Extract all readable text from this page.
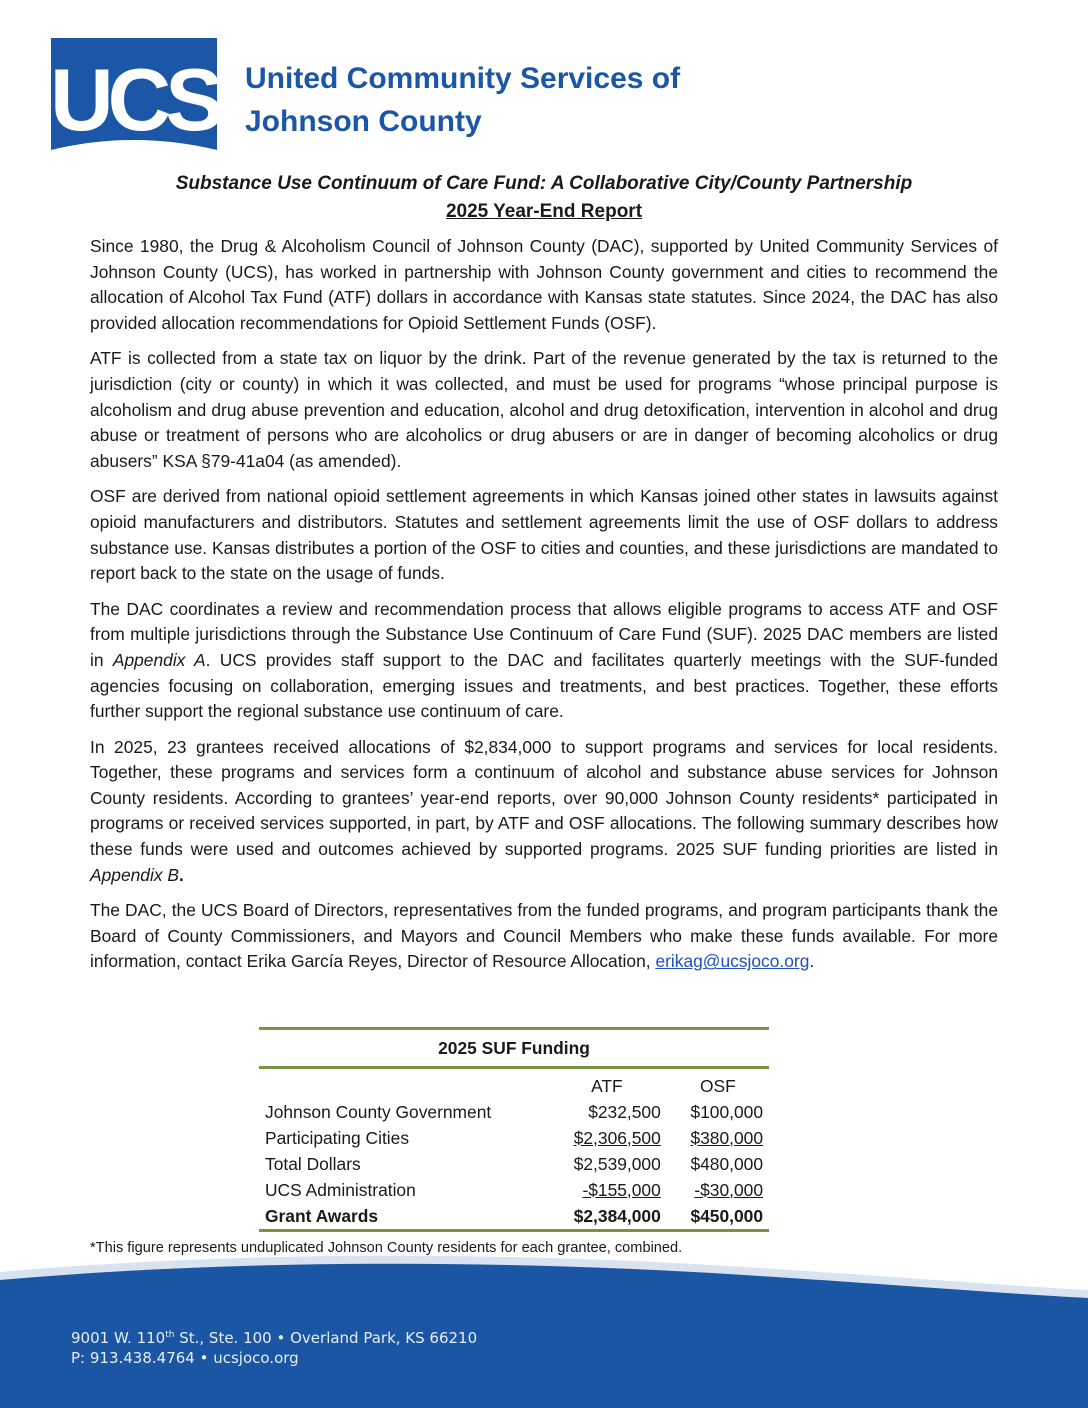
UCS United Community Services of
Johnson County
Substance Use Continuum of Care Fund: A Collaborative City/County Partnership
2025 Year-End Report

Since 1980, the Drug & Alcoholism Council of Johnson County (DAC), supported by United Community Services of Johnson County (UCS), has worked in partnership with Johnson County government and cities to recommend the allocation of Alcohol Tax Fund (ATF) dollars in accordance with Kansas state statutes. Since 2024, the DAC has also provided allocation recommendations for Opioid Settlement Funds (OSF).

ATF is collected from a state tax on liquor by the drink. Part of the revenue generated by the tax is returned to the jurisdiction (city or county) in which it was collected, and must be used for programs “whose principal purpose is alcoholism and drug abuse prevention and education, alcohol and drug detoxification, intervention in alcohol and drug abuse or treatment of persons who are alcoholics or drug abusers or are in danger of becoming alcoholics or drug abusers” KSA §79-41a04 (as amended).

OSF are derived from national opioid settlement agreements in which Kansas joined other states in lawsuits against opioid manufacturers and distributors. Statutes and settlement agreements limit the use of OSF dollars to address substance use. Kansas distributes a portion of the OSF to cities and counties, and these jurisdictions are mandated to report back to the state on the usage of funds.

The DAC coordinates a review and recommendation process that allows eligible programs to access ATF and OSF from multiple jurisdictions through the Substance Use Continuum of Care Fund (SUF). 2025 DAC members are listed in Appendix A. UCS provides staff support to the DAC and facilitates quarterly meetings with the SUF-funded agencies focusing on collaboration, emerging issues and treatments, and best practices. Together, these efforts further support the regional substance use continuum of care.

In 2025, 23 grantees received allocations of $2,834,000 to support programs and services for local residents. Together, these programs and services form a continuum of alcohol and substance abuse services for Johnson County residents. According to grantees’ year-end reports, over 90,000 Johnson County residents* participated in programs or received services supported, in part, by ATF and OSF allocations. The following summary describes how these funds were used and outcomes achieved by supported programs. 2025 SUF funding priorities are listed in Appendix B.

The DAC, the UCS Board of Directors, representatives from the funded programs, and program participants thank the Board of County Commissioners, and Mayors and Council Members who make these funds available. For more information, contact Erika García Reyes, Director of Resource Allocation, erikag@ucsjoco.org.

2025 SUF Funding		
	ATF	OSF
Johnson County Government	$232,500	$100,000
Participating Cities	$2,306,500	$380,000
Total Dollars	$2,539,000	$480,000
UCS Administration	-$155,000	-$30,000
Grant Awards	$2,384,000	$450,000
*This figure represents unduplicated Johnson County residents for each grantee, combined.
9001 W. 110th St., Ste. 100 • Overland Park, KS 66210
P: 913.438.4764 • ucsjoco.org
